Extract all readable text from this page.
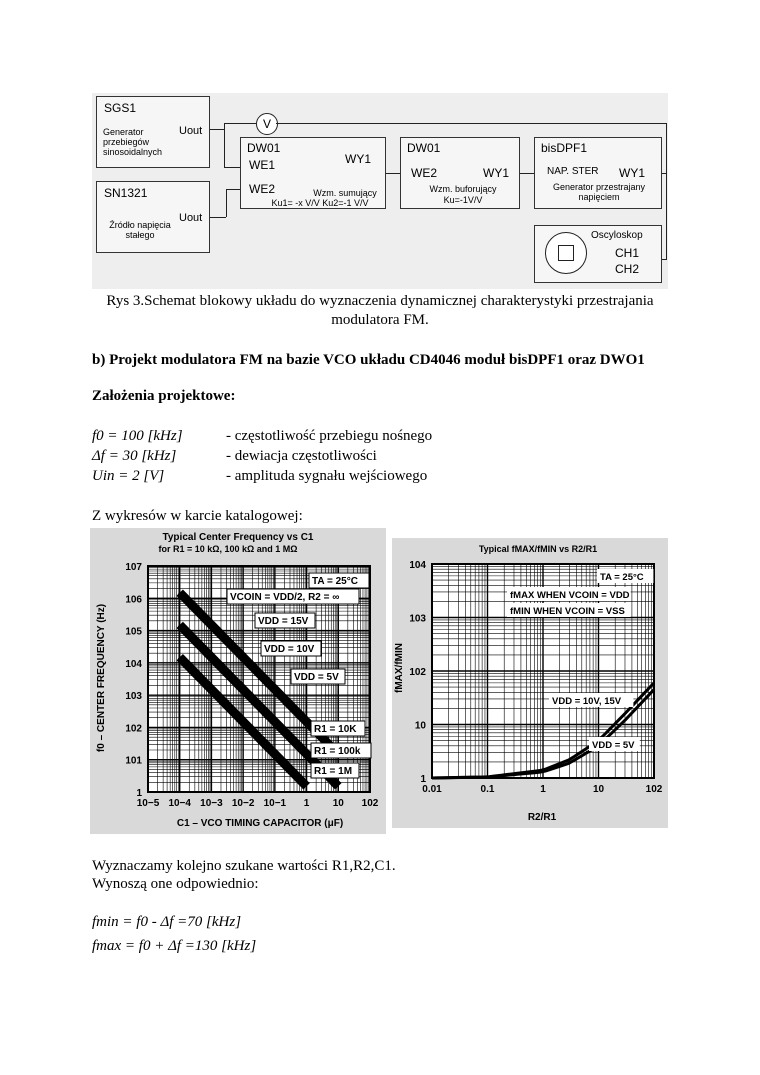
SGS1
Generator przebiegów sinosoidalnych
Uout
SN1321
Źródło napięcia stałego
Uout
V
DW01
WE1	WY1
WE2	Wzm. sumujący
Ku1= -x V/V Ku2=-1 V/V
DW01
WE2	WY1
Wzm. buforujący
Ku=-1V/V
bisDPF1
NAP. STER WY1
Generator przestrajany napięciem
Oscyloskop
CH1
CH2
Rys 3.Schemat blokowy układu do wyznaczenia dynamicznej charakterystyki przestrajania modulatora FM.
b) Projekt modulatora FM na bazie VCO układu CD4046 moduł bisDPF1 oraz DWO1
Założenia projektowe:
f0 = 100 [kHz]	- częstotliwość przebiegu nośnego
Δf = 30 [kHz]	- dewiacja częstotliwości
Uin = 2 [V]	- amplituda sygnału wejściowego
Z wykresów w karcie katalogowej:
Typical Center Frequency vs C1
for R1 = 10 kΩ, 100 kΩ and 1 MΩ
10−5 10−4 10−3 10−2 10−1 1 10 102
1
101
102
103
104
105
106
107
C1 – VCO TIMING CAPACITOR (μF)
f0 – CENTER FREQUENCY (Hz)
TA = 25°C
VCOIN = VDD/2, R2 = ∞
VDD = 15V
VDD = 10V
VDD = 5V
R1 = 10K
R1 = 100k
R1 = 1M
Typical fMAX/fMIN vs R2/R1
0.01	0.1	1	10	102
1
10
102
103
104
R2/R1
fMAX/fMIN
TA = 25°C
fMAX WHEN VCOIN = VDD
fMIN WHEN VCOIN = VSS
VDD = 10V, 15V
VDD = 5V
Wyznaczamy kolejno szukane wartości R1,R2,C1.
Wynoszą one odpowiednio:
fmin = f0 - Δf =70 [kHz]
fmax = f0 + Δf =130 [kHz]
